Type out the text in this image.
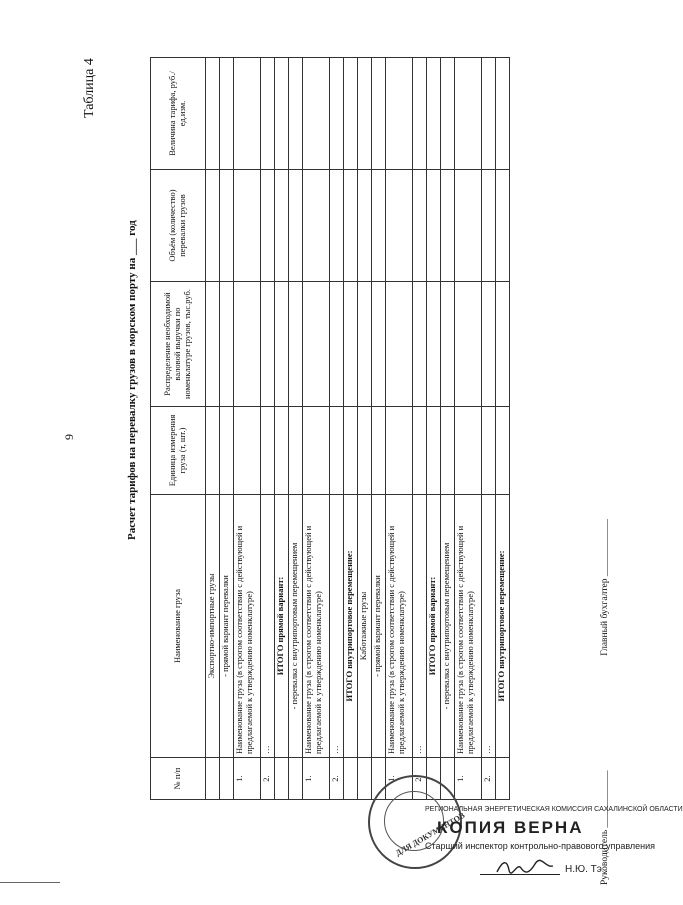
9
Таблица 4
Расчет тарифов на перевалку грузов в морском порту на ___ год
№ п/п	Наименование груза	Единица измерения груза (т, шт.)	Распределение необходимой валовой выручки по номенклатуре грузов, тыс.руб.	Объём (количество) перевалки грузов	Величина тарифа, руб./ ед.изм.
	Экспортно-импортные грузы				
	- прямой вариант перевалки				
1.	Наименование груза (в строгом соответствии с действующей и предлагаемой к утверждению номенклатуре)				
2.	…				
	ИТОГО прямой вариант:				
	- перевалка с внутрипортовым перемещением				
1.	Наименование груза (в строгом соответствии с действующей и предлагаемой к утверждению номенклатуре)				
2.	…				
	ИТОГО внутрипортовое перемещение:				
	Каботажные грузы				
	- прямой вариант перевалки				
1.	Наименование груза (в строгом соответствии с действующей и предлагаемой к утверждению номенклатуре)				
2.	…				
	ИТОГО прямой вариант:				
	- перевалка с внутрипортовым перемещением				
1.	Наименование груза (в строгом соответствии с действующей и предлагаемой к утверждению номенклатуре)				
2.	…				
	ИТОГО внутрипортовое перемещение:				
Руководитель ____________  Главный бухгалтер ____________
ДЛЯ ДОКУМЕНТОВ
РЕГИОНАЛЬНАЯ ЭНЕРГЕТИЧЕСКАЯ КОМИССИЯ САХАЛИНСКОЙ ОБЛАСТИ
КОПИЯ ВЕРНА
Старший инспектор контрольно-правового управления
Н.Ю. Тэ
